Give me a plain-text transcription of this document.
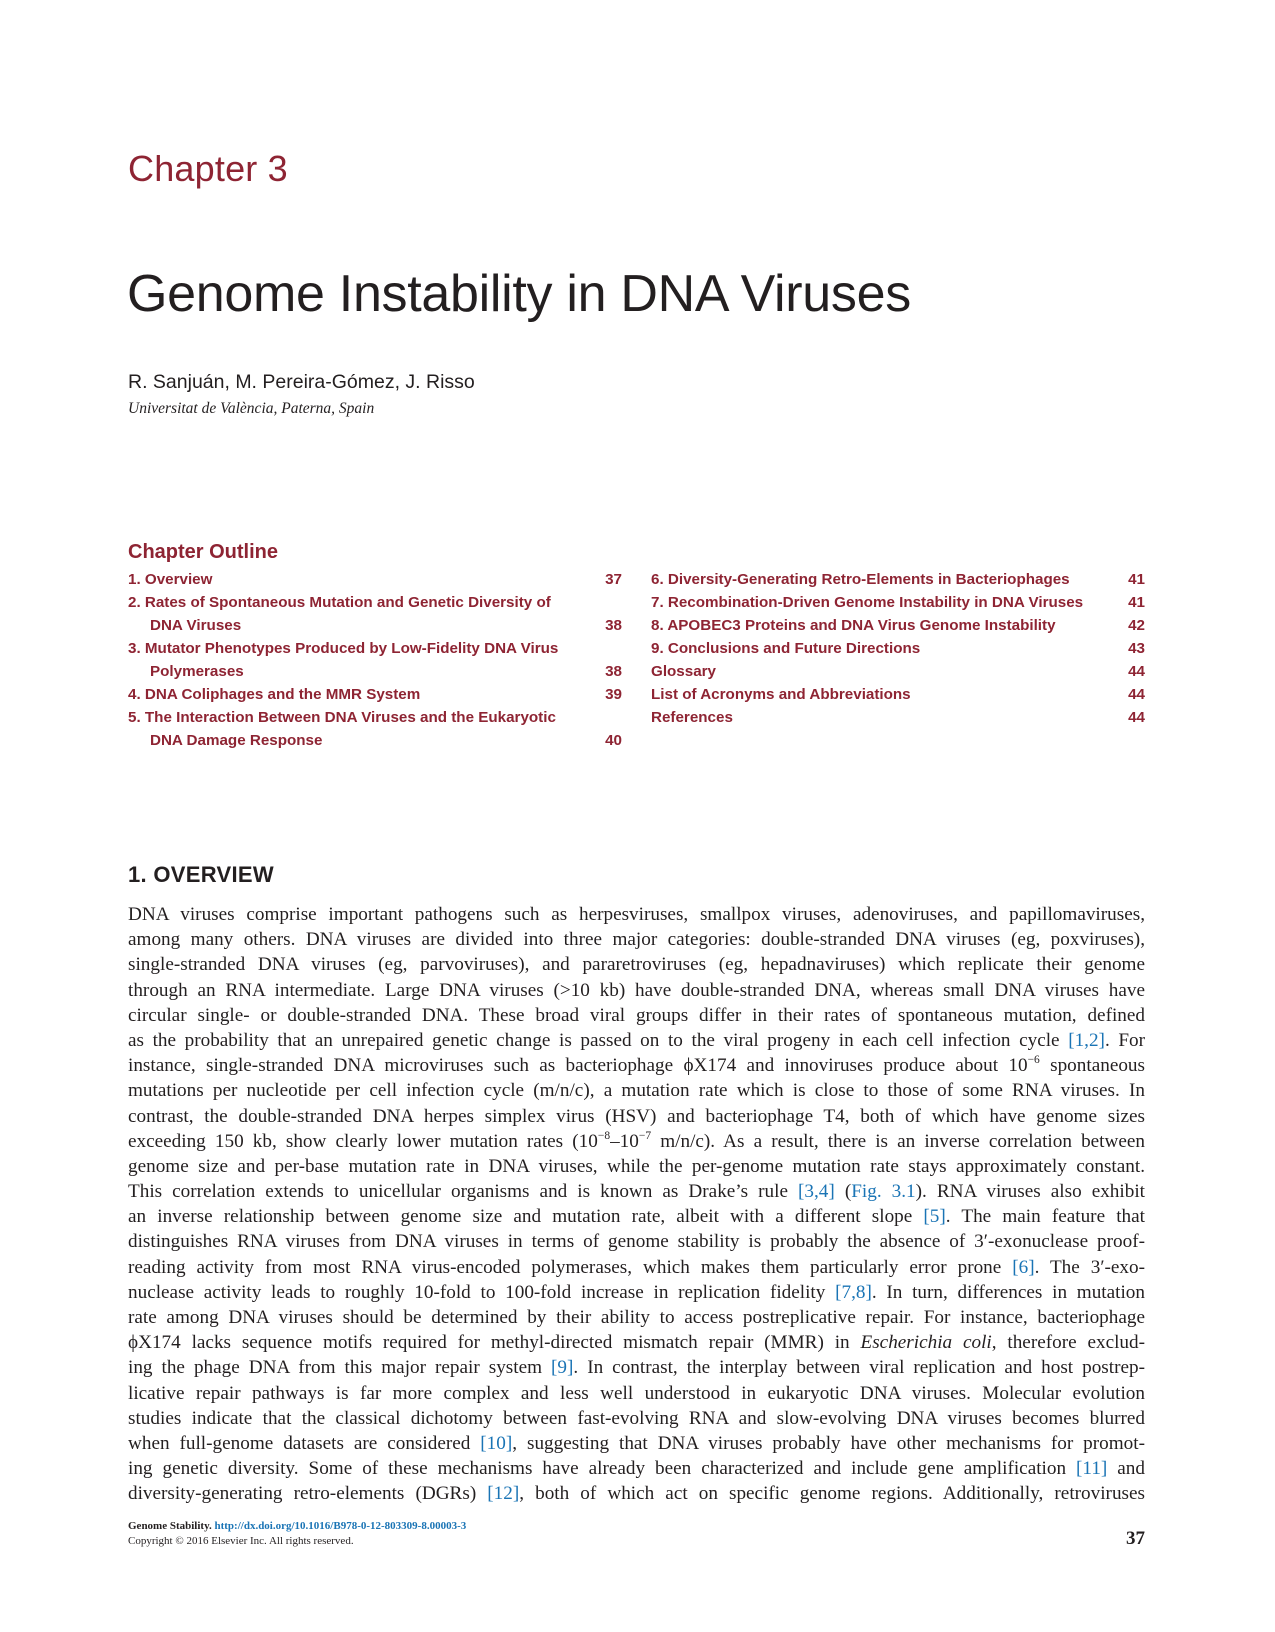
Chapter 3
Genome Instability in DNA Viruses
R. Sanjuán, M. Pereira-Gómez, J. Risso
Universitat de València, Paterna, Spain
Chapter Outline
1. Overview	37
2. Rates of Spontaneous Mutation and Genetic Diversity of
DNA Viruses	38
3. Mutator Phenotypes Produced by Low-Fidelity DNA Virus
Polymerases	38
4. DNA Coliphages and the MMR System	39
5. The Interaction Between DNA Viruses and the Eukaryotic
DNA Damage Response	40
6. Diversity-Generating Retro-Elements in Bacteriophages	41
7. Recombination-Driven Genome Instability in DNA Viruses	41
8. APOBEC3 Proteins and DNA Virus Genome Instability	42
9. Conclusions and Future Directions	43
Glossary	44
List of Acronyms and Abbreviations	44
References	44
1. OVERVIEW
DNA viruses comprise important pathogens such as herpesviruses, smallpox viruses, adenoviruses, and papillomaviruses,
among many others. DNA viruses are divided into three major categories: double-stranded DNA viruses (eg, poxviruses),
single-stranded DNA viruses (eg, parvoviruses), and pararetroviruses (eg, hepadnaviruses) which replicate their genome
through an RNA intermediate. Large DNA viruses (>10 kb) have double-stranded DNA, whereas small DNA viruses have
circular single- or double-stranded DNA. These broad viral groups differ in their rates of spontaneous mutation, defined
as the probability that an unrepaired genetic change is passed on to the viral progeny in each cell infection cycle [1,2]. For
instance, single-stranded DNA microviruses such as bacteriophage ϕX174 and innoviruses produce about $10^{-6}$ spontaneous
mutations per nucleotide per cell infection cycle (m/n/c), a mutation rate which is close to those of some RNA viruses. In
contrast, the double-stranded DNA herpes simplex virus (HSV) and bacteriophage T4, both of which have genome sizes
exceeding 150 kb, show clearly lower mutation rates ($10^{-8}-10^{-7}$ m/n/c). As a result, there is an inverse correlation between
genome size and per-base mutation rate in DNA viruses, while the per-genome mutation rate stays approximately constant.
This correlation extends to unicellular organisms and is known as Drake’s rule [3,4] (Fig. 3.1). RNA viruses also exhibit
an inverse relationship between genome size and mutation rate, albeit with a different slope [5]. The main feature that
distinguishes RNA viruses from DNA viruses in terms of genome stability is probably the absence of 3′-exonuclease proof-
reading activity from most RNA virus-encoded polymerases, which makes them particularly error prone [6]. The 3′-exo-
nuclease activity leads to roughly 10-fold to 100-fold increase in replication fidelity [7,8]. In turn, differences in mutation
rate among DNA viruses should be determined by their ability to access postreplicative repair. For instance, bacteriophage
ϕX174 lacks sequence motifs required for methyl-directed mismatch repair (MMR) in Escherichia coli, therefore exclud-
ing the phage DNA from this major repair system [9]. In contrast, the interplay between viral replication and host postrep-
licative repair pathways is far more complex and less well understood in eukaryotic DNA viruses. Molecular evolution
studies indicate that the classical dichotomy between fast-evolving RNA and slow-evolving DNA viruses becomes blurred
when full-genome datasets are considered [10], suggesting that DNA viruses probably have other mechanisms for promot-
ing genetic diversity. Some of these mechanisms have already been characterized and include gene amplification [11] and
diversity-generating retro-elements (DGRs) [12], both of which act on specific genome regions. Additionally, retroviruses
Genome Stability. http://dx.doi.org/10.1016/B978-0-12-803309-8.00003-3
Copyright © 2016 Elsevier Inc. All rights reserved.	37
